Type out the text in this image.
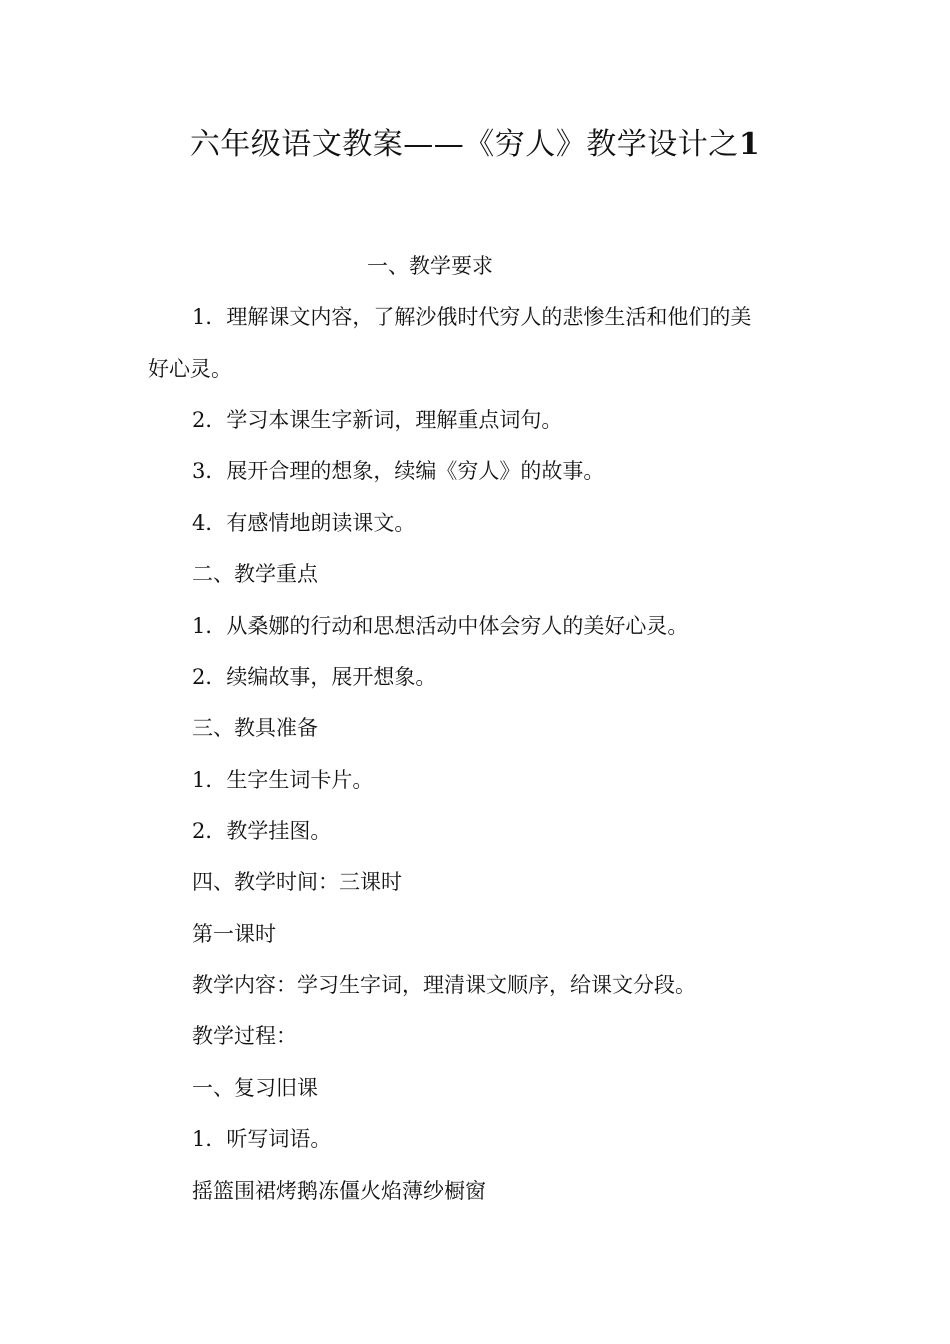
六年级语文教案——《穷人》教学设计之1
一、教学要求
1．理解课文内容，了解沙俄时代穷人的悲惨生活和他们的美
好心灵。
2．学习本课生字新词，理解重点词句。
3．展开合理的想象，续编《穷人》的故事。
4．有感情地朗读课文。
二、教学重点
1．从桑娜的行动和思想活动中体会穷人的美好心灵。
2．续编故事，展开想象。
三、教具准备
1．生字生词卡片。
2．教学挂图。
四、教学时间：三课时
第一课时
教学内容：学习生字词，理清课文顺序，给课文分段。
教学过程：
一、复习旧课
1．听写词语。
摇篮围裙烤鹅冻僵火焰薄纱橱窗
